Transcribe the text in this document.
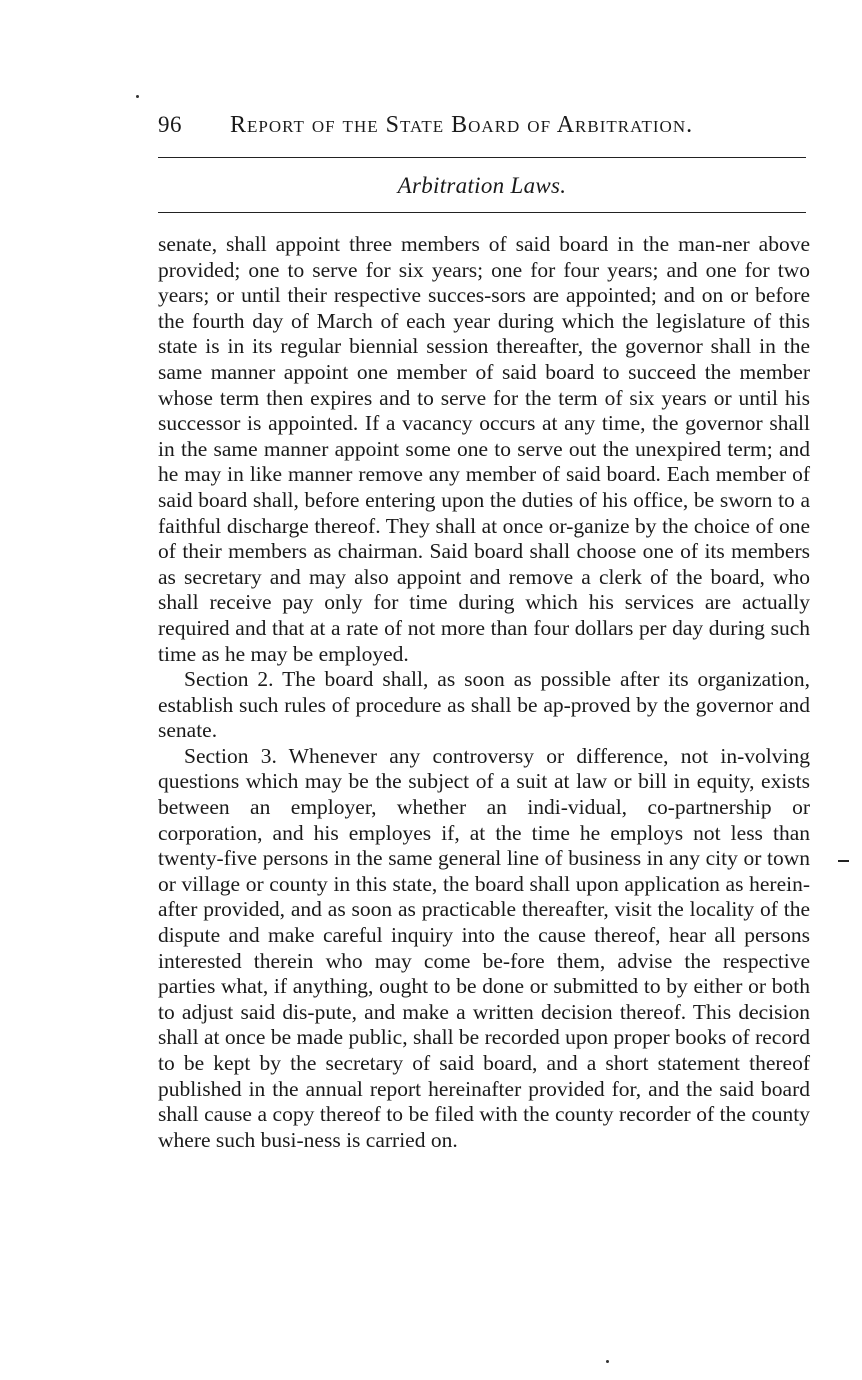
96 Report of the State Board of Arbitration.
Arbitration Laws.

senate, shall appoint three members of said board in the man-ner above provided; one to serve for six years; one for four years; and one for two years; or until their respective succes-sors are appointed; and on or before the fourth day of March of each year during which the legislature of this state is in its regular biennial session thereafter, the governor shall in the same manner appoint one member of said board to succeed the member whose term then expires and to serve for the term of six years or until his successor is appointed. If a vacancy occurs at any time, the governor shall in the same manner appoint some one to serve out the unexpired term; and he may in like manner remove any member of said board. Each member of said board shall, before entering upon the duties of his office, be sworn to a faithful discharge thereof. They shall at once or-ganize by the choice of one of their members as chairman. Said board shall choose one of its members as secretary and may also appoint and remove a clerk of the board, who shall receive pay only for time during which his services are actually required and that at a rate of not more than four dollars per day during such time as he may be employed.

Section 2. The board shall, as soon as possible after its organization, establish such rules of procedure as shall be ap-proved by the governor and senate.

Section 3. Whenever any controversy or difference, not in-volving questions which may be the subject of a suit at law or bill in equity, exists between an employer, whether an indi-vidual, co-partnership or corporation, and his employes if, at the time he employs not less than twenty-five persons in the same general line of business in any city or town or village or county in this state, the board shall upon application as herein-after provided, and as soon as practicable thereafter, visit the locality of the dispute and make careful inquiry into the cause thereof, hear all persons interested therein who may come be-fore them, advise the respective parties what, if anything, ought to be done or submitted to by either or both to adjust said dis-pute, and make a written decision thereof. This decision shall at once be made public, shall be recorded upon proper books of record to be kept by the secretary of said board, and a short statement thereof published in the annual report hereinafter provided for, and the said board shall cause a copy thereof to be filed with the county recorder of the county where such busi-ness is carried on.
